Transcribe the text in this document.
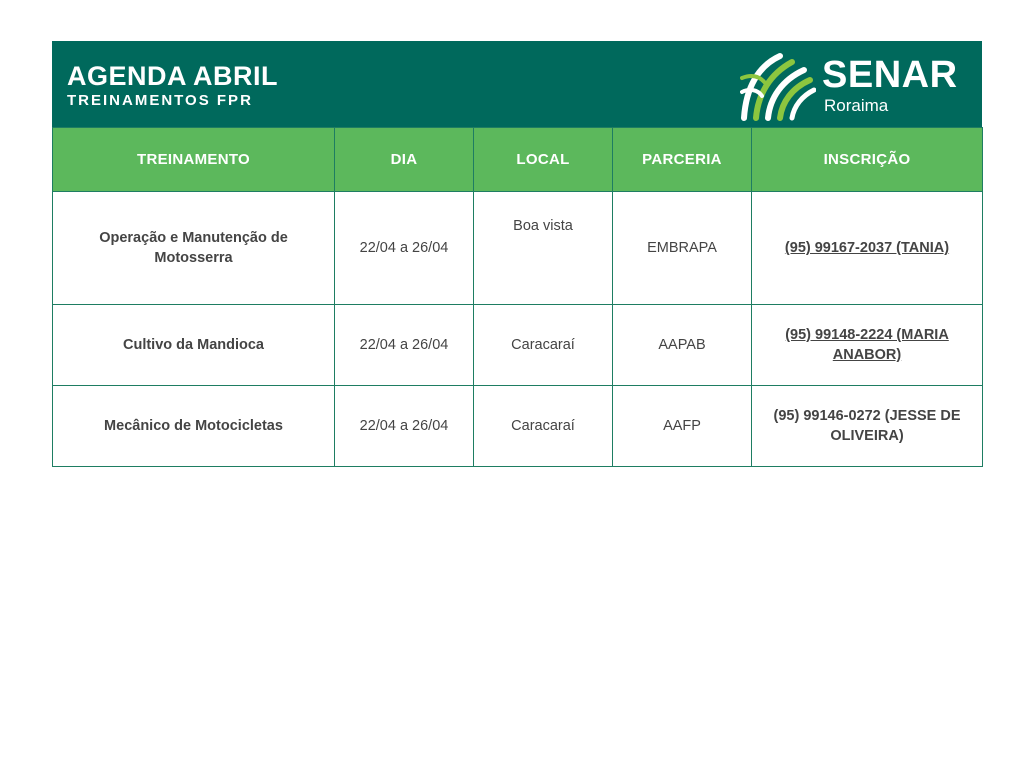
AGENDA ABRIL
TREINAMENTOS FPR
SENAR
Roraima
TREINAMENTO	DIA	LOCAL	PARCERIA	INSCRIÇÃO
Operação e Manutenção de Motosserra	22/04 a 26/04	Boa vista	EMBRAPA	(95) 99167-2037 (TANIA)
Cultivo da Mandioca	22/04 a 26/04	Caracaraí	AAPAB	(95) 99148-2224 (MARIA ANABOR)
Mecânico de Motocicletas	22/04 a 26/04	Caracaraí	AAFP	(95) 99146-0272 (JESSE DE OLIVEIRA)
